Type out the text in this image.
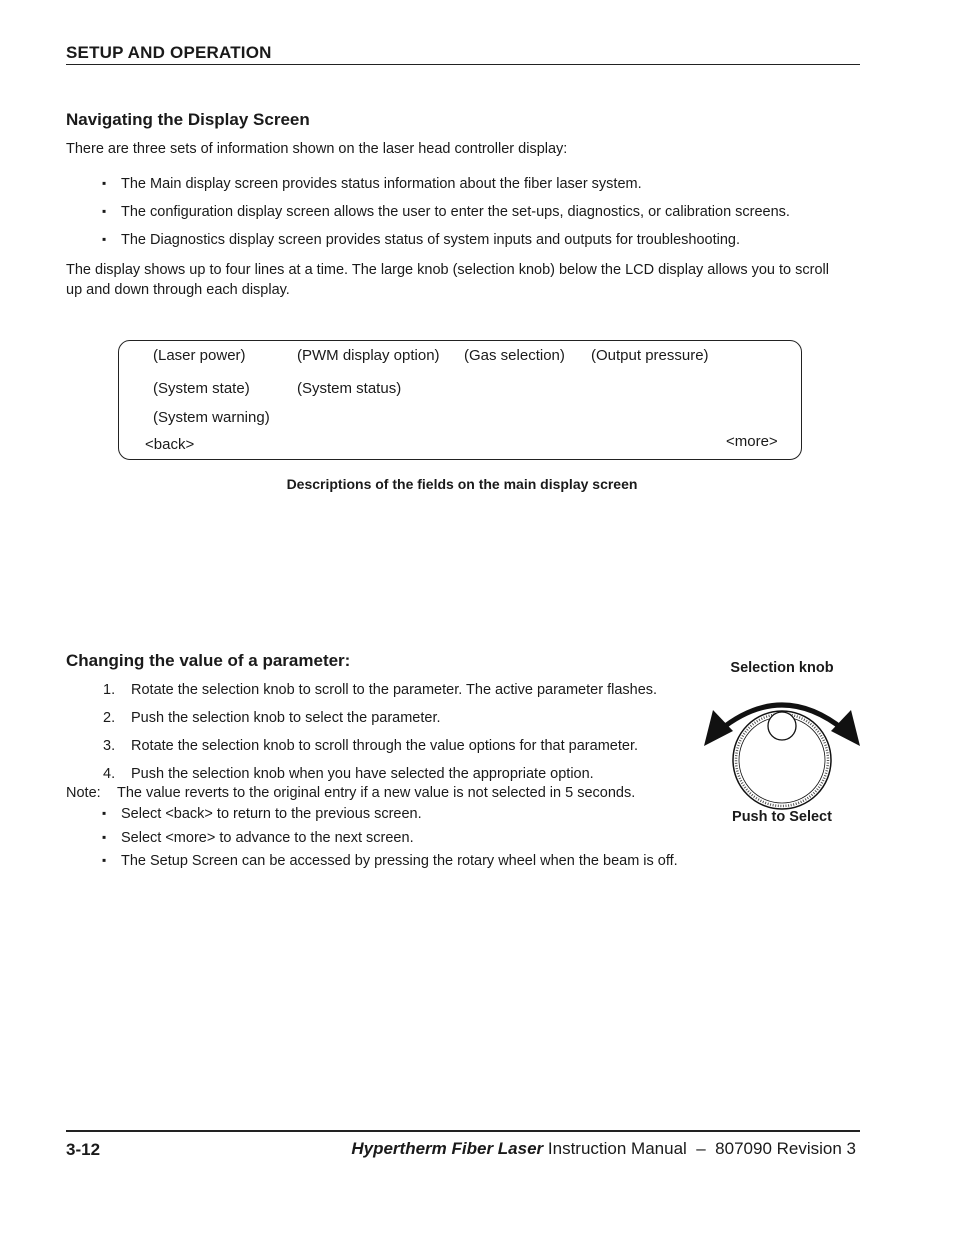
SETUP AND OPERATION
Navigating the Display Screen
There are three sets of information shown on the laser head controller display:
▪ The Main display screen provides status information about the fiber laser system.
▪ The configuration display screen allows the user to enter the set-ups, diagnostics, or calibration screens.
▪ The Diagnostics display screen provides status of system inputs and outputs for troubleshooting.
The display shows up to four lines at a time. The large knob (selection knob) below the LCD display allows you to scroll
up and down through each display.
(Laser power)	(PWM display option) (Gas selection) (Output pressure)
(System state)	(System status)
(System warning)
<back>	<more>
Descriptions of the fields on the main display screen
Changing the value of a parameter:
1. Rotate the selection knob to scroll to the parameter. The active parameter flashes.
2. Push the selection knob to select the parameter.
3. Rotate the selection knob to scroll through the value options for that parameter.
4. Push the selection knob when you have selected the appropriate option.
Note: The value reverts to the original entry if a new value is not selected in 5 seconds.
▪ Select <back> to return to the previous screen.
▪ Select <more> to advance to the next screen.
▪ The Setup Screen can be accessed by pressing the rotary wheel when the beam is off.
Selection knob
Push to Select
3-12	Hypertherm Fiber Laser Instruction Manual – 807090 Revision 3
